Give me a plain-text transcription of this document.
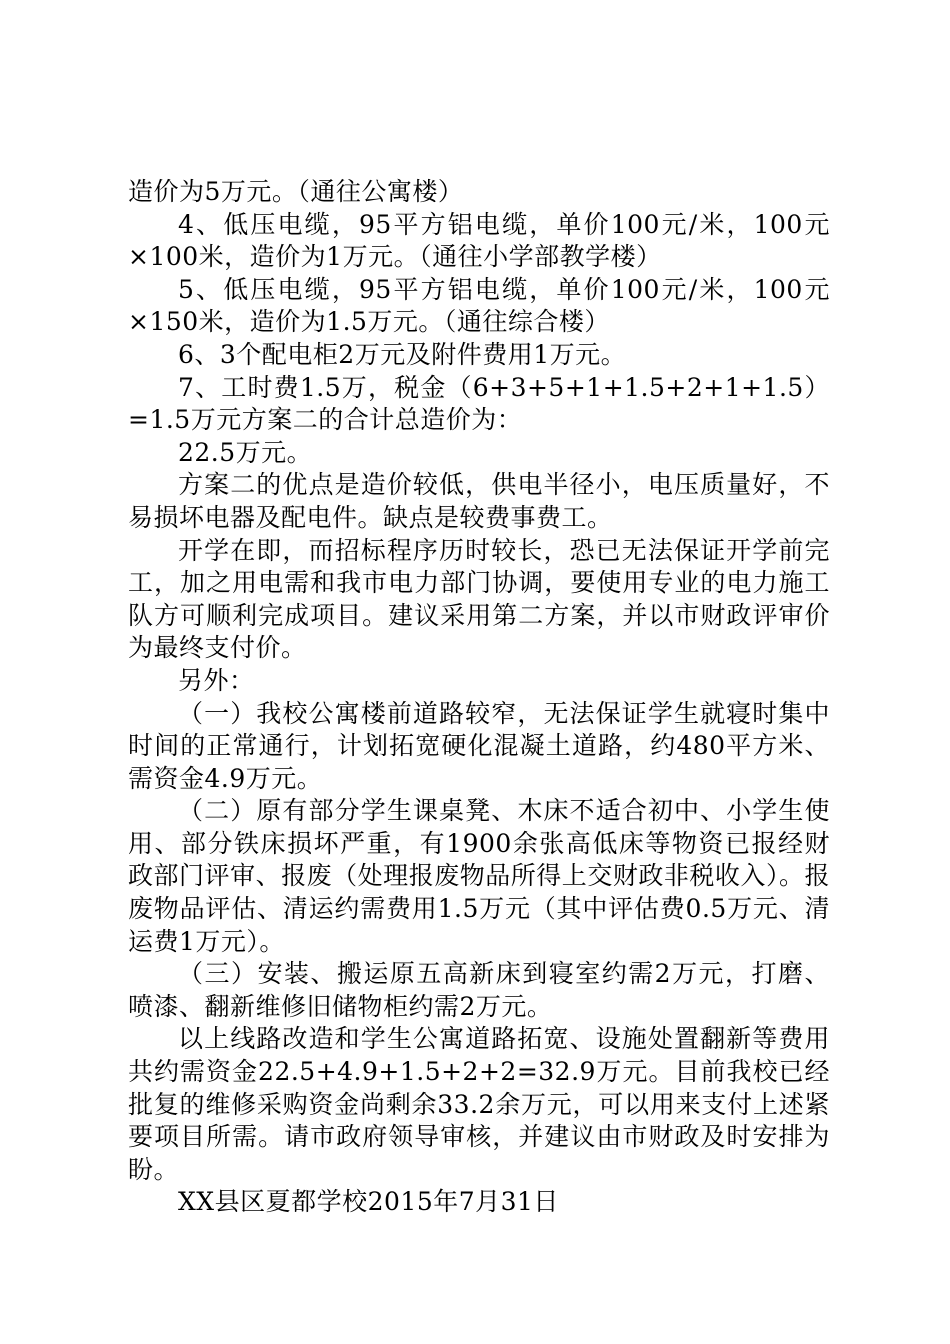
造价为5万元。（通往公寓楼）

4、低压电缆，95平方铝电缆，单价100元/米，100元×100米，造价为1万元。（通往小学部教学楼）

5、低压电缆，95平方铝电缆，单价100元/米，100元×150米，造价为1.5万元。（通往综合楼）

6、3个配电柜2万元及附件费用1万元。

7、工时费1.5万，税金（6+3+5+1+1.5+2+1+1.5）=1.5万元方案二的合计总造价为：

22.5万元。

方案二的优点是造价较低，供电半径小，电压质量好，不易损坏电器及配电件。缺点是较费事费工。

开学在即，而招标程序历时较长，恐已无法保证开学前完工，加之用电需和我市电力部门协调，要使用专业的电力施工队方可顺利完成项目。建议采用第二方案，并以市财政评审价为最终支付价。

另外：

（一）我校公寓楼前道路较窄，无法保证学生就寝时集中时间的正常通行，计划拓宽硬化混凝土道路，约480平方米、需资金4.9万元。

（二）原有部分学生课桌凳、木床不适合初中、小学生使用、部分铁床损坏严重，有1900余张高低床等物资已报经财政部门评审、报废（处理报废物品所得上交财政非税收入）。报废物品评估、清运约需费用1.5万元（其中评估费0.5万元、清运费1万元）。

（三）安装、搬运原五高新床到寝室约需2万元，打磨、喷漆、翻新维修旧储物柜约需2万元。

以上线路改造和学生公寓道路拓宽、设施处置翻新等费用共约需资金22.5+4.9+1.5+2+2=32.9万元。目前我校已经批复的维修采购资金尚剩余33.2余万元，可以用来支付上述紧要项目所需。请市政府领导审核，并建议由市财政及时安排为盼。

XX县区夏都学校2015年7月31日
